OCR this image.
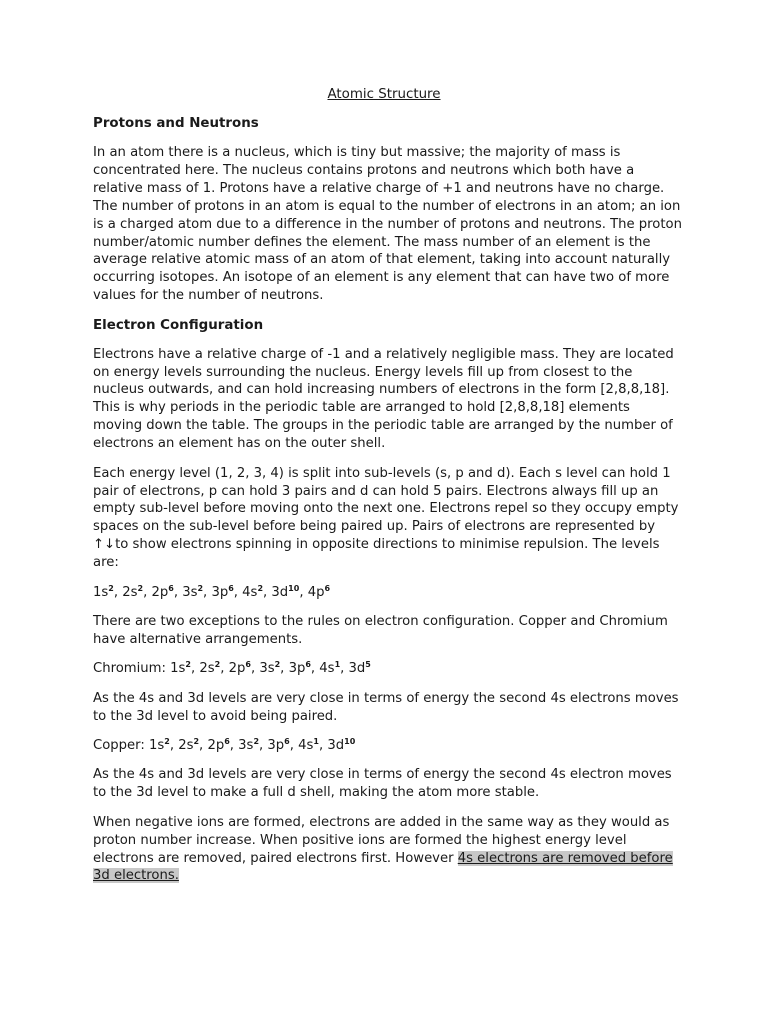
Atomic Structure
Protons and Neutrons
In an atom there is a nucleus, which is tiny but massive; the majority of mass is concentrated here. The nucleus contains protons and neutrons which both have a relative mass of 1. Protons have a relative charge of +1 and neutrons have no charge. The number of protons in an atom is equal to the number of electrons in an atom; an ion is a charged atom due to a difference in the number of protons and neutrons. The proton number/atomic number defines the element. The mass number of an element is the average relative atomic mass of an atom of that element, taking into account naturally occurring isotopes. An isotope of an element is any element that can have two of more values for the number of neutrons.
Electron Configuration
Electrons have a relative charge of -1 and a relatively negligible mass. They are located on energy levels surrounding the nucleus. Energy levels fill up from closest to the nucleus outwards, and can hold increasing numbers of electrons in the form [2,8,8,18]. This is why periods in the periodic table are arranged to hold [2,8,8,18] elements moving down the table. The groups in the periodic table are arranged by the number of electrons an element has on the outer shell.
Each energy level (1, 2, 3, 4) is split into sub-levels (s, p and d). Each s level can hold 1 pair of electrons, p can hold 3 pairs and d can hold 5 pairs. Electrons always fill up an empty sub-level before moving onto the next one. Electrons repel so they occupy empty spaces on the sub-level before being paired up. Pairs of electrons are represented by ↑↓to show electrons spinning in opposite directions to minimise repulsion. The levels are:
$1s^2$, $2s^2$, $2p^6$, $3s^2$, $3p^6$, $4s^2$, $3d^{10}$, $4p^6$
There are two exceptions to the rules on electron configuration. Copper and Chromium have alternative arrangements.
Chromium: $1s^2$, $2s^2$, $2p^6$, $3s^2$, $3p^6$, $4s^1$, $3d^5$
As the 4s and 3d levels are very close in terms of energy the second 4s electrons moves to the 3d level to avoid being paired.
Copper: $1s^2$, $2s^2$, $2p^6$, $3s^2$, $3p^6$, $4s^1$, $3d^{10}$
As the 4s and 3d levels are very close in terms of energy the second 4s electron moves to the 3d level to make a full d shell, making the atom more stable.
When negative ions are formed, electrons are added in the same way as they would as proton number increase. When positive ions are formed the highest energy level electrons are removed, paired electrons first. However 4s electrons are removed before 3d electrons.
